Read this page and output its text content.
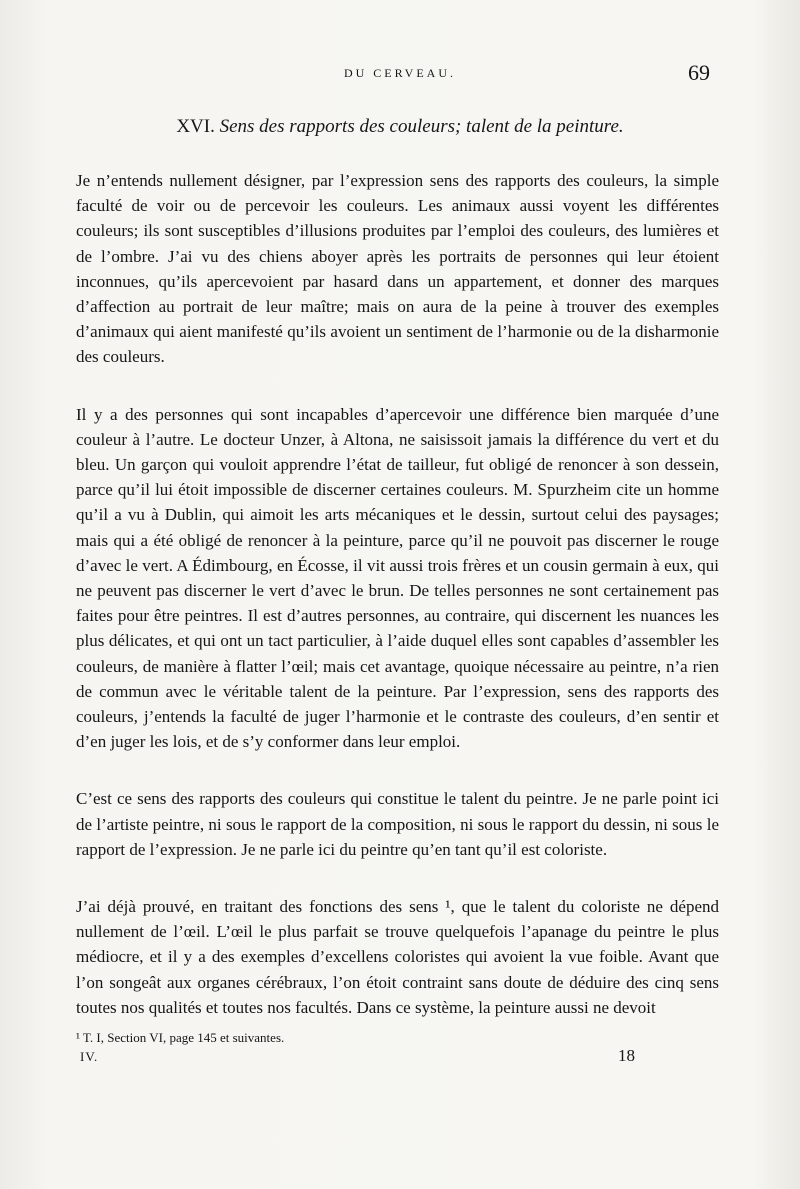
DU CERVEAU.	69
XVI. Sens des rapports des couleurs; talent de la peinture.

Je n’entends nullement désigner, par l’expression sens des rapports des couleurs, la simple faculté de voir ou de percevoir les couleurs. Les animaux aussi voyent les différentes couleurs; ils sont susceptibles d’illusions produites par l’emploi des couleurs, des lumières et de l’ombre. J’ai vu des chiens aboyer après les portraits de personnes qui leur étoient inconnues, qu’ils apercevoient par hasard dans un appartement, et donner des marques d’affection au portrait de leur maître; mais on aura de la peine à trouver des exemples d’animaux qui aient manifesté qu’ils avoient un sentiment de l’harmonie ou de la disharmonie des couleurs.

Il y a des personnes qui sont incapables d’apercevoir une différence bien marquée d’une couleur à l’autre. Le docteur Unzer, à Altona, ne saisissoit jamais la différence du vert et du bleu. Un garçon qui vouloit apprendre l’état de tailleur, fut obligé de renoncer à son dessein, parce qu’il lui étoit impossible de discerner certaines couleurs. M. Spurzheim cite un homme qu’il a vu à Dublin, qui aimoit les arts mécaniques et le dessin, surtout celui des paysages; mais qui a été obligé de renoncer à la peinture, parce qu’il ne pouvoit pas discerner le rouge d’avec le vert. A Édimbourg, en Écosse, il vit aussi trois frères et un cousin germain à eux, qui ne peuvent pas discerner le vert d’avec le brun. De telles personnes ne sont certainement pas faites pour être peintres. Il est d’autres personnes, au contraire, qui discernent les nuances les plus délicates, et qui ont un tact particulier, à l’aide duquel elles sont capables d’assembler les couleurs, de manière à flatter l’œil; mais cet avantage, quoique nécessaire au peintre, n’a rien de commun avec le véritable talent de la peinture. Par l’expression, sens des rapports des couleurs, j’entends la faculté de juger l’harmonie et le contraste des couleurs, d’en sentir et d’en juger les lois, et de s’y conformer dans leur emploi.

C’est ce sens des rapports des couleurs qui constitue le talent du peintre. Je ne parle point ici de l’artiste peintre, ni sous le rapport de la composition, ni sous le rapport du dessin, ni sous le rapport de l’expression. Je ne parle ici du peintre qu’en tant qu’il est coloriste.

J’ai déjà prouvé, en traitant des fonctions des sens ¹, que le talent du coloriste ne dépend nullement de l’œil. L’œil le plus parfait se trouve quelquefois l’apanage du peintre le plus médiocre, et il y a des exemples d’excellens coloristes qui avoient la vue foible. Avant que l’on songeât aux organes cérébraux, l’on étoit contraint sans doute de déduire des cinq sens toutes nos qualités et toutes nos facultés. Dans ce système, la peinture aussi ne devoit

¹ T. I, Section VI, page 145 et suivantes.
IV.	18
